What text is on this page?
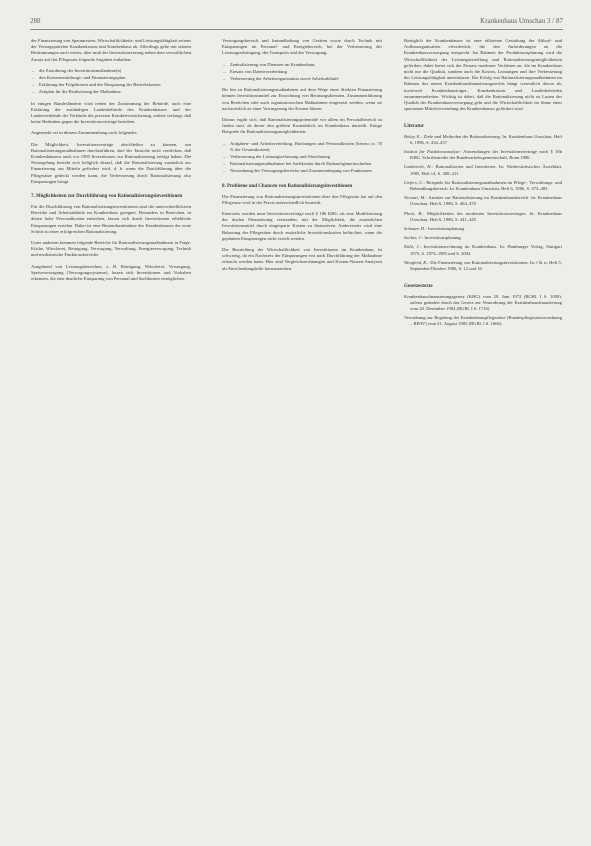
288	Krankenhaus Umschau 3 / 87

der Finanzierung von Sparanreizen, Wirtschaftlichkeits- und Leistungsfähigkeit seitens der Vertragsparteien Krankenkassen und Krankenhaus ab. Allerdings gelte mit seinem Bestimmungen auch weiter, über muß der Investitionsvertrag neben dem verwaltlichen Zusatz auf das Pflegesatz folgende Angaben enthalten:

– die Zuordnung der Investitionsmaßnahme(n)
– den Kostenermittlungs- und Finanzierungsplan
– Erklärung der Folgekosten und der Einsparung der Betriebskosten
– Zeitplan für die Realisierung der Maßnahme

In einigen Bundesländern wird neben der Zustimmung der Behörde, auch eine Erklärung der zuständigen Landesbehörde des Krankenhauses und der Landesverbände der Verbände der privaten Krankenversicherung, zuletzt verlangt, daß keine Bedenken gegen die Investitionsverträge bestehen.

Angemerkt sei in diesem Zusammenhang noch folgendes:

Die Möglichkeit, Investitionsverträge abschließen zu können, um Rationalisierungsmaßnahmen durchzuführen, darf der Tatsache nicht verdecken, daß Krankenhäusern auch vor 1985 Investitionen zur Rationalisierung erfolgt haben. Die Neuregelung bezieht sich lediglich darauf, daß die Rationalisierung zusätzlich zur Finanzierung aus Mitteln gefördert wird, d. h. wenn die Durchführung über die Pflegesätze gedeckt werden kann, die Verbesserung durch Rationalisierung also Einsparungen bringt.

7. Möglichkeiten zur Durchführung von Rationalisierungsinvestitionen

Für die Durchführung von Rationalisierungsinvestitionen sind die unterschiedlichsten Bereiche und Arbeitsabläufe im Krankenhaus geeignet. Besonders in Bereichen, in denen hohe Personalkosten entstehen, lassen sich durch Investitionen erhebliche Einsparungen erzielen. Dabei ist eine Bestandsaufnahme des Krankenhauses der erste Schritt zu einer erfolgreichen Rationalisierung.

Unter anderem kommen folgende Bereiche für Rationalisierungsmaßnahmen in Frage: Küche, Wäscherei, Reinigung, Versorgung, Verwaltung, Energieversorgung, Technik und medizinische Funktionsbereiche.

Ausgehend von Leistungsbereichen, z. B. Reinigung, Wäscherei, Versorgung, Speiseversorgung (Versorgungssysteme), lassen sich Investitionen und Vorhaben erkennen, die eine deutliche Einsparung von Personal und Sachkosten ermöglichen.

Versorgungsbereich und Instandhaltung von Geräten sowie durch Technik mit Einsparungen im Personal- und Energiebereich, bei der Verbesserung der Leistungserbringung, des Transports und der Versorgung.

– Zentralisierung von Diensten im Krankenhaus
– Einsatz von Datenverarbeitung
– Verbesserung der Arbeitsorganisation sowie Arbeitsabläufe

Bis hin zu Rationalisierungsmaßnahmen auf dem Wege einer direkten Finanzierung können Investitionsmittel zur Einrichtung von Beratungsdiensten, Zusammenführung von Bereichen oder auch organisatorischen Maßnahmen eingesetzt werden, wenn sie nachweislich zu einer Verringerung der Kosten führen.

Daraus ergibt sich, daß Rationalisierungspotentiale vor allem im Personalbereich zu finden sind, da dieser den größten Kostenblock im Krankenhaus darstellt. Einige Beispiele für Rationalisierungsmöglichkeiten:

– Aufgaben- und Arbeitsverteilung, Buchungen und Personalkosten (hierzu ca. 70 % der Gesamtkosten)
– Verbesserung der Leistungserfassung und Abrechnung
– Rationalisierungsmaßnahmen bei Sachkosten durch Einkaufsgemeinschaften
– Neuordnung der Versorgungsbereiche und Zusammenlegung von Funktionen
8. Probleme und Chancen von Rationalisierungsinvestitionen

Die Finanzierung von Rationalisierungsinvestitionen über den Pflegesatz hat auf den Pflegesatz wird in der Praxis unterschiedlich beurteilt.

Einerseits werden neue Investitionsverträge nach § 18b KHG als eine Modifizierung der dualen Finanzierung verstanden, mit der Möglichkeit, die zusätzlichen Investitionsmittel durch eingesparte Kosten zu finanzieren. Andererseits wird eine Belastung der Pflegesätze durch zusätzliche Investitionskosten befürchtet, wenn die geplanten Einsparungen nicht erzielt werden.

Die Beurteilung der Wirtschaftlichkeit von Investitionen im Krankenhaus ist schwierig, da ein Nachweis der Einsparungen erst nach Durchführung der Maßnahme erbracht werden kann. Hier sind Vergleichsrechnungen und Kosten-Nutzen-Analysen als Entscheidungshilfe heranzuziehen.

Bezüglich der Krankenhäuser ist eine effiziente Gestaltung der Ablauf- und Aufbauorganisation erforderlich, die den Anforderungen an die Krankenhausversorgung entspricht. Im Rahmen der Produktionsplanung wird die Wirtschaftlichkeit der Leistungserstellung und Rationalisierungsmöglichkeiten gefördert, dabei bietet sich der Einsatz moderner Verfahren an, die im Krankenhaus nicht nur die Qualität, sondern auch die Kosten, Leistungen und ihre Verbesserung der Leistungsfähigkeit unterstützen. Der Erfolg von Rationalisierungsmaßnahmen im Rahmen des neuen Krankenhausfinanzierungsrechts hängt wesentlich davon ab, inwieweit Krankenhausträger, Krankenkassen und Landesbehörden zusammenarbeiten. Wichtig ist dabei, daß die Rationalisierung nicht zu Lasten der Qualität der Krankenhausversorgung geht und die Wirtschaftlichkeit im Sinne einer sparsamen Mittelverwendung des Krankenhauses gefördert wird.

Literatur
Bolay, E.: Ziele und Methoden der Rationalisierung. In: Krankenhaus Umschau, Heft 6, 1986, S. 434–437
Institut für Funktionsanalyse: Anwendungen der Investitionsverträge nach § 18b KHG. Schriftenreihe der Bundesarbeitsgemeinschaft, Bonn 1986
Lambrecht, H.: Rationalisieren und Investieren. In: Niedersächsisches Ärzteblatt, 1985, Heft 14, S. 408–411
Liefers, C.: Beispiele für Rationalisierungsmaßnahmen im Pflege-, Verwaltungs- und Behandlungsbereich. In: Krankenhaus Umschau, Heft 6, 1986, S. 473–483
Nevzati, M.: Ansätze zur Rationalisierung im Krankenhausbereich. In: Krankenhaus Umschau, Heft 6, 1986, S. 464–470
Pleck, B.: Möglichkeiten des modernen Investitionsvertrages. In: Krankenhaus Umschau, Heft 6, 1986, S. 441–445
Schauer, H.: Investitionsplanung
Sacher, J.: Investitionsplanung
Kühl, J.: Investitionsrechnung im Krankenhaus. In: Hamburger Verlag, Stuttgart 1975, S. 1974–1985 und S. 2004
Wengleid, K.: Die Finanzierung von Rationalisierungsinvestitionen. In: f & w, Heft 5, September/Oktober 1986, S. 12 und 16
Gesetzestexte
Krankenhausfinanzierungsgesetz (KHG) vom 29. Juni 1972 (BGBl. I S. 1009), zuletzt geändert durch das Gesetz zur Neuordnung der Krankenhausfinanzierung vom 20. Dezember 1984 (BGBl. I S. 1716)
Verordnung zur Regelung der Krankenhauspflegesätze (Bundespflegesatzverordnung – BPflV) vom 21. August 1985 (BGBl. I S. 1666)
